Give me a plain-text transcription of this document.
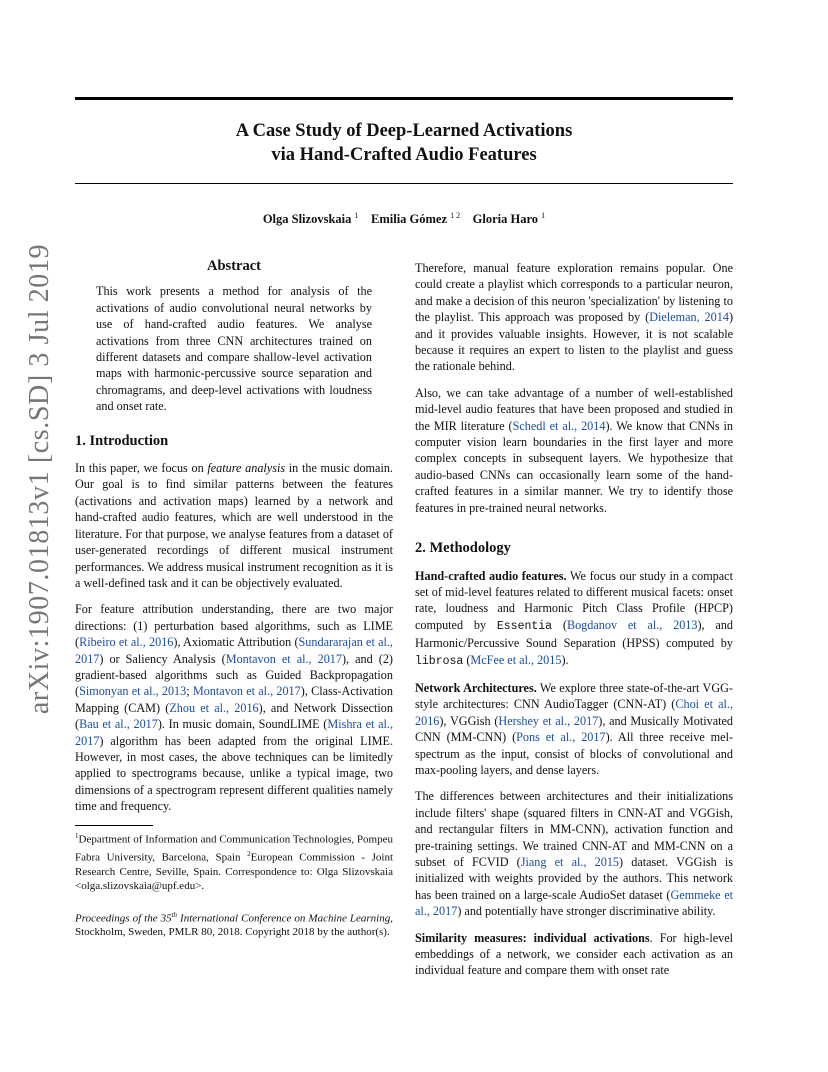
arXiv:1907.01813v1 [cs.SD] 3 Jul 2019
A Case Study of Deep-Learned Activations
via Hand-Crafted Audio Features
Olga Slizovskaia $^1$ Emilia Gómez $^{1 2}$ Gloria Haro $^1$
Abstract

This work presents a method for analysis of the activations of audio convolutional neural networks by use of hand-crafted audio features. We analyse activations from three CNN architectures trained on different datasets and compare shallow-level activation maps with harmonic-percussive source separation and chromagrams, and deep-level activations with loudness and onset rate.

1. Introduction

In this paper, we focus on feature analysis in the music domain. Our goal is to find similar patterns between the features (activations and activation maps) learned by a network and hand-crafted audio features, which are well understood in the literature. For that purpose, we analyse features from a dataset of user-generated recordings of different musical instrument performances. We address musical instrument recognition as it is a well-defined task and it can be objectively evaluated.

For feature attribution understanding, there are two major directions: (1) perturbation based algorithms, such as LIME (Ribeiro et al., 2016), Axiomatic Attribution (Sundararajan et al., 2017) or Saliency Analysis (Montavon et al., 2017), and (2) gradient-based algorithms such as Guided Backpropagation (Simonyan et al., 2013; Montavon et al., 2017), Class-Activation Mapping (CAM) (Zhou et al., 2016), and Network Dissection (Bau et al., 2017). In music domain, SoundLIME (Mishra et al., 2017) algorithm has been adapted from the original LIME. However, in most cases, the above techniques can be limitedly applied to spectrograms because, unlike a typical image, two dimensions of a spectrogram represent different qualities namely time and frequency.

$^1$Department of Information and Communication Technologies, Pompeu Fabra University, Barcelona, Spain $^2$European Commission - Joint Research Centre, Seville, Spain. Correspondence to: Olga Slizovskaia <olga.slizovskaia@upf.edu>.

Proceedings of the 35th International Conference on Machine Learning, Stockholm, Sweden, PMLR 80, 2018. Copyright 2018 by the author(s).

Therefore, manual feature exploration remains popular. One could create a playlist which corresponds to a particular neuron, and make a decision of this neuron 'specialization' by listening to the playlist. This approach was proposed by (Dieleman, 2014) and it provides valuable insights. However, it is not scalable because it requires an expert to listen to the playlist and guess the rationale behind.

Also, we can take advantage of a number of well-established mid-level audio features that have been proposed and studied in the MIR literature (Schedl et al., 2014). We know that CNNs in computer vision learn boundaries in the first layer and more complex concepts in subsequent layers. We hypothesize that audio-based CNNs can occasionally learn some of the hand-crafted features in a similar manner. We try to identify those features in pre-trained neural networks.

2. Methodology

Hand-crafted audio features. We focus our study in a compact set of mid-level features related to different musical facets: onset rate, loudness and Harmonic Pitch Class Profile (HPCP) computed by Essentia (Bogdanov et al., 2013), and Harmonic/Percussive Sound Separation (HPSS) computed by librosa (McFee et al., 2015).

Network Architectures. We explore three state-of-the-art VGG-style architectures: CNN AudioTagger (CNN-AT) (Choi et al., 2016), VGGish (Hershey et al., 2017), and Musically Motivated CNN (MM-CNN) (Pons et al., 2017). All three receive mel-spectrum as the input, consist of blocks of convolutional and max-pooling layers, and dense layers.

The differences between architectures and their initializations include filters' shape (squared filters in CNN-AT and VGGish, and rectangular filters in MM-CNN), activation function and pre-training settings. We trained CNN-AT and MM-CNN on a subset of FCVID (Jiang et al., 2015) dataset. VGGish is initialized with weights provided by the authors. This network has been trained on a large-scale AudioSet dataset (Gemmeke et al., 2017) and potentially have stronger discriminative ability.

Similarity measures: individual activations. For high-level embeddings of a network, we consider each activation as an individual feature and compare them with onset rate
